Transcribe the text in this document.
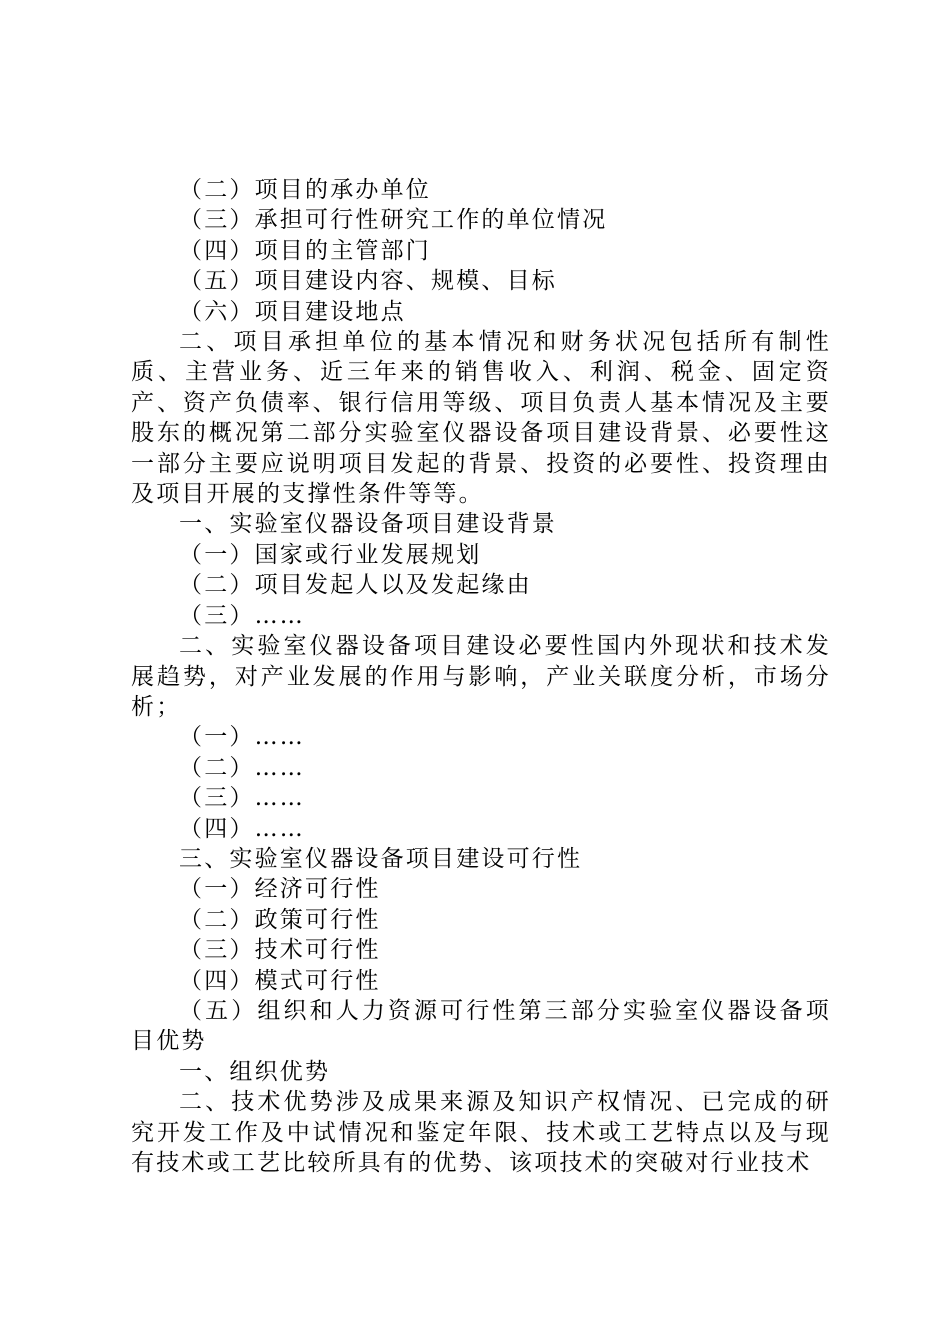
（二）项目的承办单位

（三）承担可行性研究工作的单位情况

（四）项目的主管部门

（五）项目建设内容、规模、目标

（六）项目建设地点

二、项目承担单位的基本情况和财务状况包括所有制性质、主营业务、近三年来的销售收入、利润、税金、固定资产、资产负债率、银行信用等级、项目负责人基本情况及主要股东的概况第二部分实验室仪器设备项目建设背景、必要性这一部分主要应说明项目发起的背景、投资的必要性、投资理由及项目开展的支撑性条件等等。

一、实验室仪器设备项目建设背景

（一）国家或行业发展规划

（二）项目发起人以及发起缘由

（三）……

二、实验室仪器设备项目建设必要性国内外现状和技术发展趋势，对产业发展的作用与影响，产业关联度分析，市场分析；

（一）……

（二）……

（三）……

（四）……

三、实验室仪器设备项目建设可行性

（一）经济可行性

（二）政策可行性

（三）技术可行性

（四）模式可行性

（五）组织和人力资源可行性第三部分实验室仪器设备项目优势

一、组织优势

二、技术优势涉及成果来源及知识产权情况、已完成的研究开发工作及中试情况和鉴定年限、技术或工艺特点以及与现有技术或工艺比较所具有的优势、该项技术的突破对行业技术
